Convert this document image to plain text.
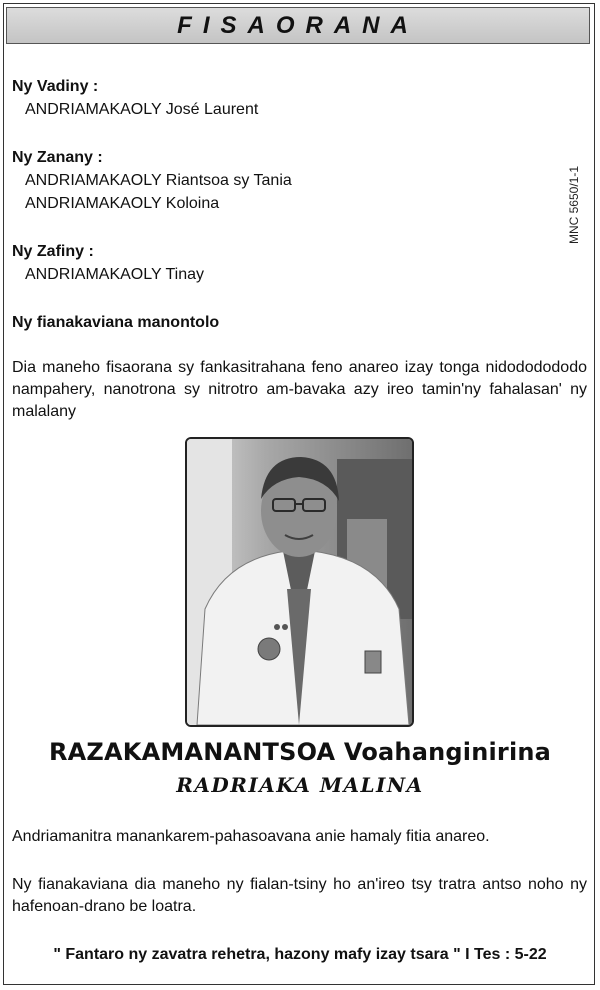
FISAORANA
MNC 5650/1-1
Ny Vadiny :
ANDRIAMAKAOLY José Laurent
Ny Zanany :
ANDRIAMAKAOLY Riantsoa sy Tania
ANDRIAMAKAOLY Koloina
Ny Zafiny :
ANDRIAMAKAOLY Tinay
Ny fianakaviana manontolo
Dia maneho fisaorana sy fankasitrahana feno anareo izay tonga nidododododo nampahery, nanotrona sy nitrotro am-bavaka azy ireo tamin'ny fahalasan' ny malalany
RAZAKAMANANTSOA Voahanginirina
RADRIAKA MALINA
Andriamanitra manankarem-pahasoavana anie hamaly fitia anareo.
Ny fianakaviana dia maneho ny fialan-tsiny ho an'ireo tsy tratra antso noho ny hafenoan-drano be loatra.
" Fantaro ny zavatra rehetra, hazony mafy izay tsara " I Tes : 5-22
